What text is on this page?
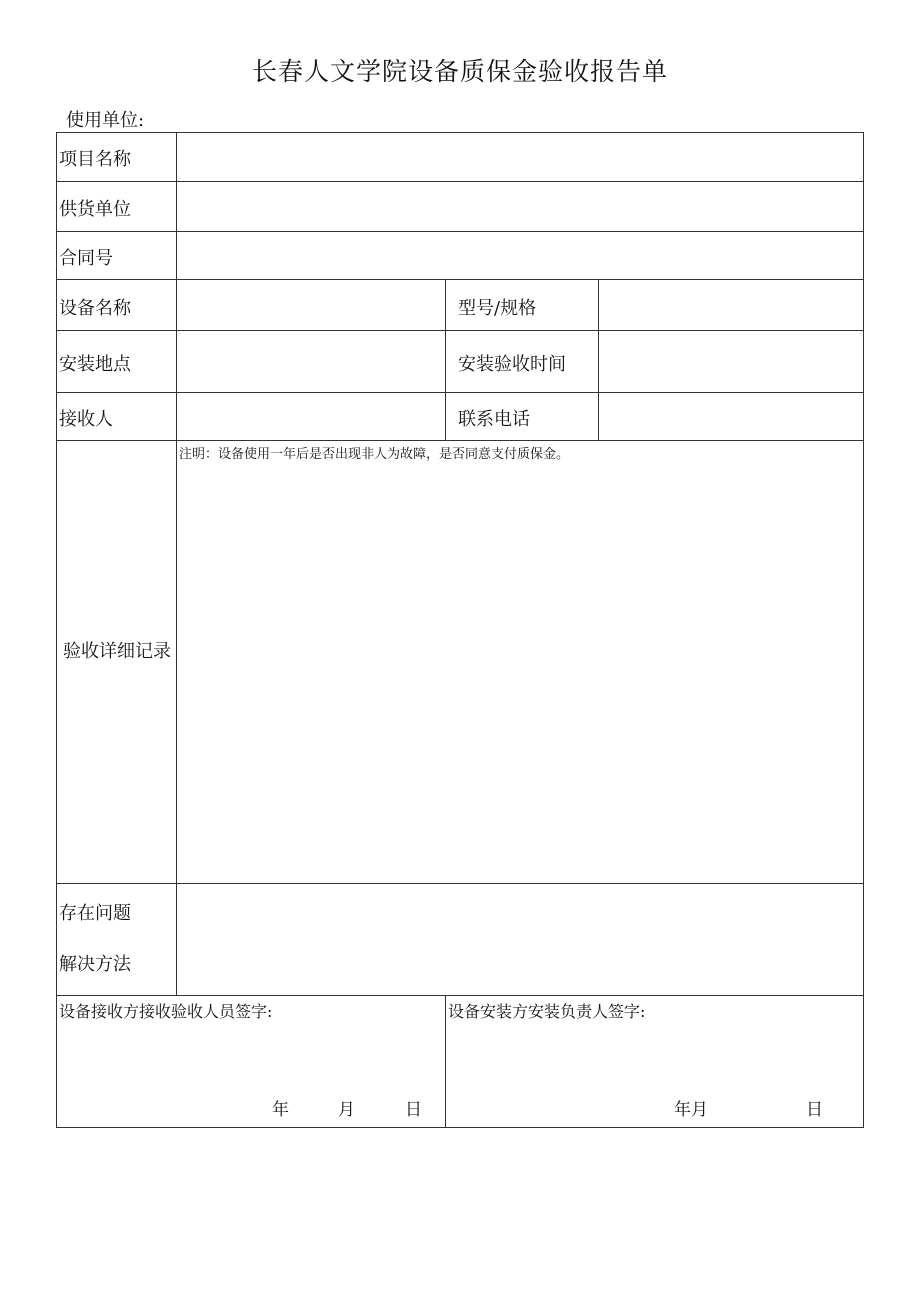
长春人文学院设备质保金验收报告单
使用单位:
项目名称
供货单位
合同号
设备名称	型号/规格
安装地点	安装验收时间
接收人	联系电话
验收详细记录
注明：设备使用一年后是否出现非人为故障，是否同意支付质保金。
存在问题
解决方法
设备接收方接收验收人员签字:
年	月	日
设备安装方安装负责人签字:
年月	日
